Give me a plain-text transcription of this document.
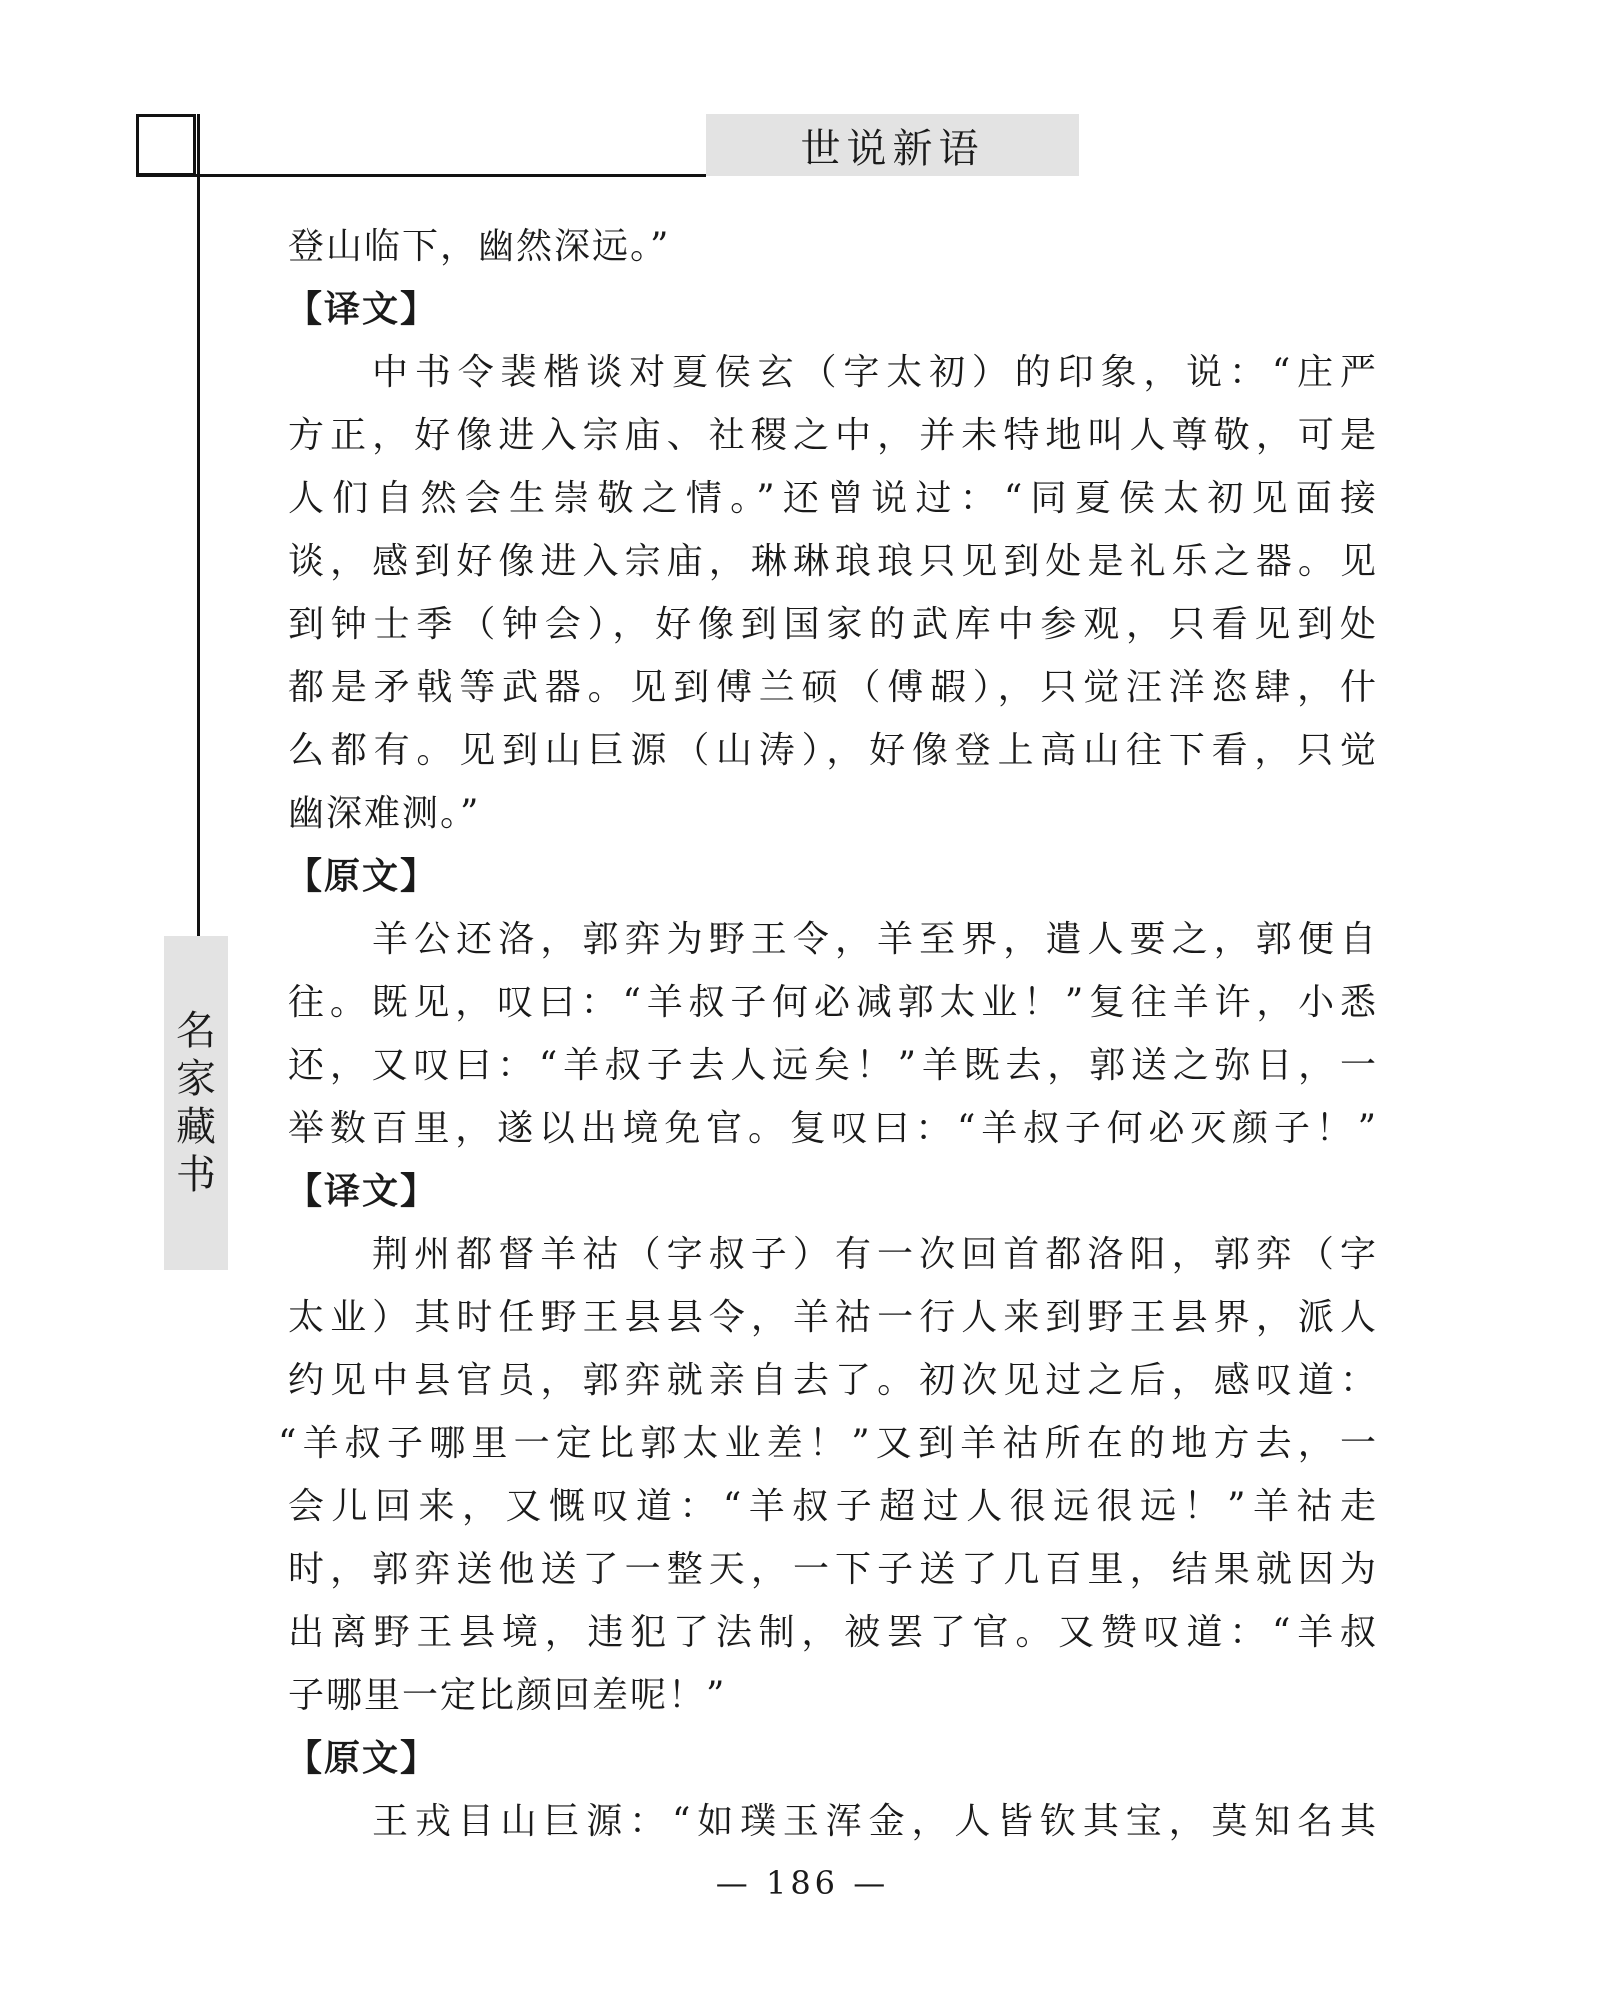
世说新语
名
家
藏
书
登山临下，幽然深远。”
【译文】
中书令裴楷谈对夏侯玄（字太初）的印象，说：“庄严
方正，好像进入宗庙、社稷之中，并未特地叫人尊敬，可是
人们自然会生崇敬之情。”还曾说过：“同夏侯太初见面接
谈，感到好像进入宗庙，琳琳琅琅只见到处是礼乐之器。见
到钟士季（钟会），好像到国家的武库中参观，只看见到处
都是矛戟等武器。见到傅兰硕（傅嘏），只觉汪洋恣肆，什
么都有。见到山巨源（山涛），好像登上高山往下看，只觉
幽深难测。”
【原文】
羊公还洛，郭弈为野王令，羊至界，遣人要之，郭便自
往。既见，叹曰：“羊叔子何必减郭太业！”复往羊许，小悉
还，又叹曰：“羊叔子去人远矣！”羊既去，郭送之弥日，一
举数百里，遂以出境免官。复叹曰：“羊叔子何必灭颜子！”
【译文】
荆州都督羊祜（字叔子）有一次回首都洛阳，郭弈（字
太业）其时任野王县县令，羊祜一行人来到野王县界，派人
约见中县官员，郭弈就亲自去了。初次见过之后，感叹道：
“羊叔子哪里一定比郭太业差！”又到羊祜所在的地方去，一
会儿回来，又慨叹道：“羊叔子超过人很远很远！”羊祜走
时，郭弈送他送了一整天，一下子送了几百里，结果就因为
出离野王县境，违犯了法制，被罢了官。又赞叹道：“羊叔
子哪里一定比颜回差呢！”
【原文】
王戎目山巨源：“如璞玉浑金，人皆钦其宝，莫知名其
— 186 —
